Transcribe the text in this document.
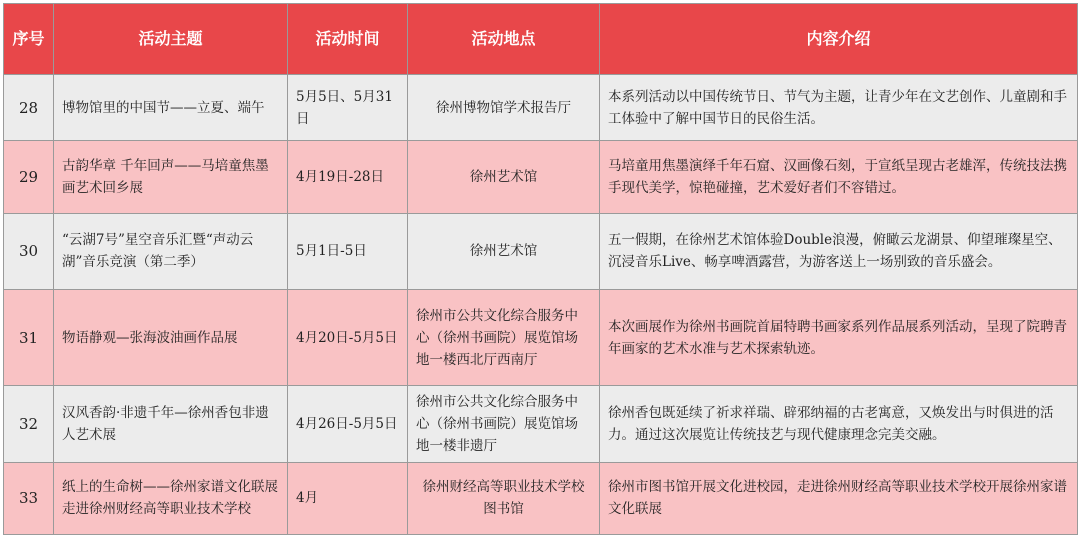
序号	活动主题	活动时间	活动地点	内容介绍
28	博物馆里的中国节——立夏、端午	5月5日、5月31日	徐州博物馆学术报告厅	本系列活动以中国传统节日、节气为主题，让青少年在文艺创作、儿童剧和手工体验中了解中国节日的民俗生活。
29	古韵华章 千年回声——马培童焦墨画艺术回乡展	4月19日-28日	徐州艺术馆	马培童用焦墨演绎千年石窟、汉画像石刻，于宣纸呈现古老雄浑，传统技法携手现代美学，惊艳碰撞，艺术爱好者们不容错过。
30	“云湖7号”星空音乐汇暨“声动云湖”音乐竞演（第二季）	5月1日-5日	徐州艺术馆	五一假期，在徐州艺术馆体验Double浪漫，俯瞰云龙湖景、仰望璀璨星空、沉浸音乐Live、畅享啤酒露营，为游客送上一场别致的音乐盛会。
31	物语静观—张海波油画作品展	4月20日-5月5日	徐州市公共文化综合服务中心（徐州书画院）展览馆场地一楼西北厅西南厅	本次画展作为徐州书画院首届特聘书画家系列作品展系列活动，呈现了院聘青年画家的艺术水准与艺术探索轨迹。
32	汉风香韵·非遗千年—徐州香包非遗人艺术展	4月26日-5月5日	徐州市公共文化综合服务中心（徐州书画院）展览馆场地一楼非遗厅	徐州香包既延续了祈求祥瑞、辟邪纳福的古老寓意，又焕发出与时俱进的活力。通过这次展览让传统技艺与现代健康理念完美交融。
33	纸上的生命树——徐州家谱文化联展走进徐州财经高等职业技术学校	4月	徐州财经高等职业技术学校图书馆	徐州市图书馆开展文化进校园，走进徐州财经高等职业技术学校开展徐州家谱文化联展
